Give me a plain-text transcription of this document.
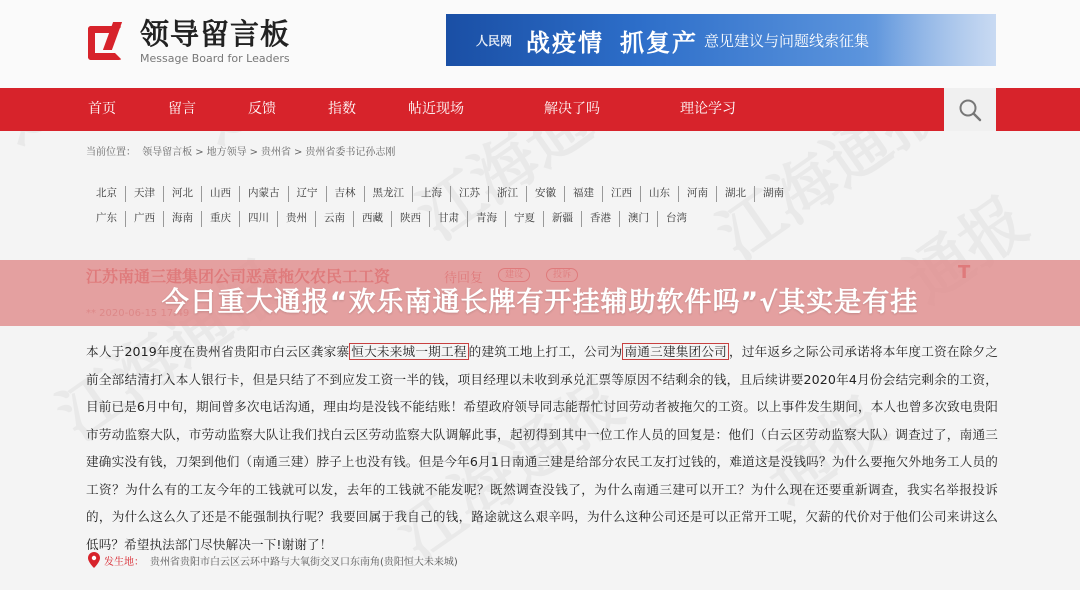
领导留言板
Message Board for Leaders
人民网 战疫情 抓复产 意见建议与问题线索征集
首页	留言	反馈	指数	帖近现场	解决了吗	理论学习
当前位置： 领导留言板 > 地方领导 > 贵州省 > 贵州省委书记孙志刚
北京	天津	河北	山西	内蒙古	辽宁	吉林	黑龙江	上海	江苏	浙江	安徽	福建	江西	山东	河南	湖北	湖南
广东	广西	海南	重庆	四川	贵州	云南	西藏	陕西	甘肃	青海	宁夏	新疆	香港	澳门	台湾
今日重大通报“欢乐南通长牌有开挂辅助软件吗”√其实是有挂
** 2020-06-15 17:49
本人于2019年度在贵州省贵阳市白云区龚家寨 恒大未来城一期工程 的建筑工地上打工，公司为 南通三建集团公司 ，过年返乡之际公司承诺将本年度工资在除夕之前全部结清打入本人银行卡，但是只结了不到应发工资一半的钱，项目经理以未收到承兑汇票等原因不结剩余的钱，且后续讲要2020年4月份会结完剩余的工资，目前已是6月中旬，期间曾多次电话沟通，理由均是没钱不能结账！希望政府领导同志能帮忙讨回劳动者被拖欠的工资。以上事件发生期间，本人也曾多次致电贵阳市劳动监察大队，市劳动监察大队让我们找白云区劳动监察大队调解此事，起初得到其中一位工作人员的回复是：他们（白云区劳动监察大队）调查过了，南通三建确实没有钱，刀架到他们（南通三建）脖子上也没有钱。但是今年6月1日南通三建是给部分农民工友打过钱的，难道这是没钱吗？为什么要拖欠外地务工人员的工资？为什么有的工友今年的工钱就可以发，去年的工钱就不能发呢？既然调查没钱了，为什么南通三建可以开工？为什么现在还要重新调查，我实名举报投诉的，为什么这么久了还是不能强制执行呢？我要回属于我自己的钱，路途就这么艰辛吗，为什么这种公司还是可以正常开工呢，欠薪的代价对于他们公司来讲这么低吗？希望执法部门尽快解决一下!谢谢了！
发生地： 贵州省贵阳市白云区云环中路与大氧街交叉口东南角(贵阳恒大未来城)
